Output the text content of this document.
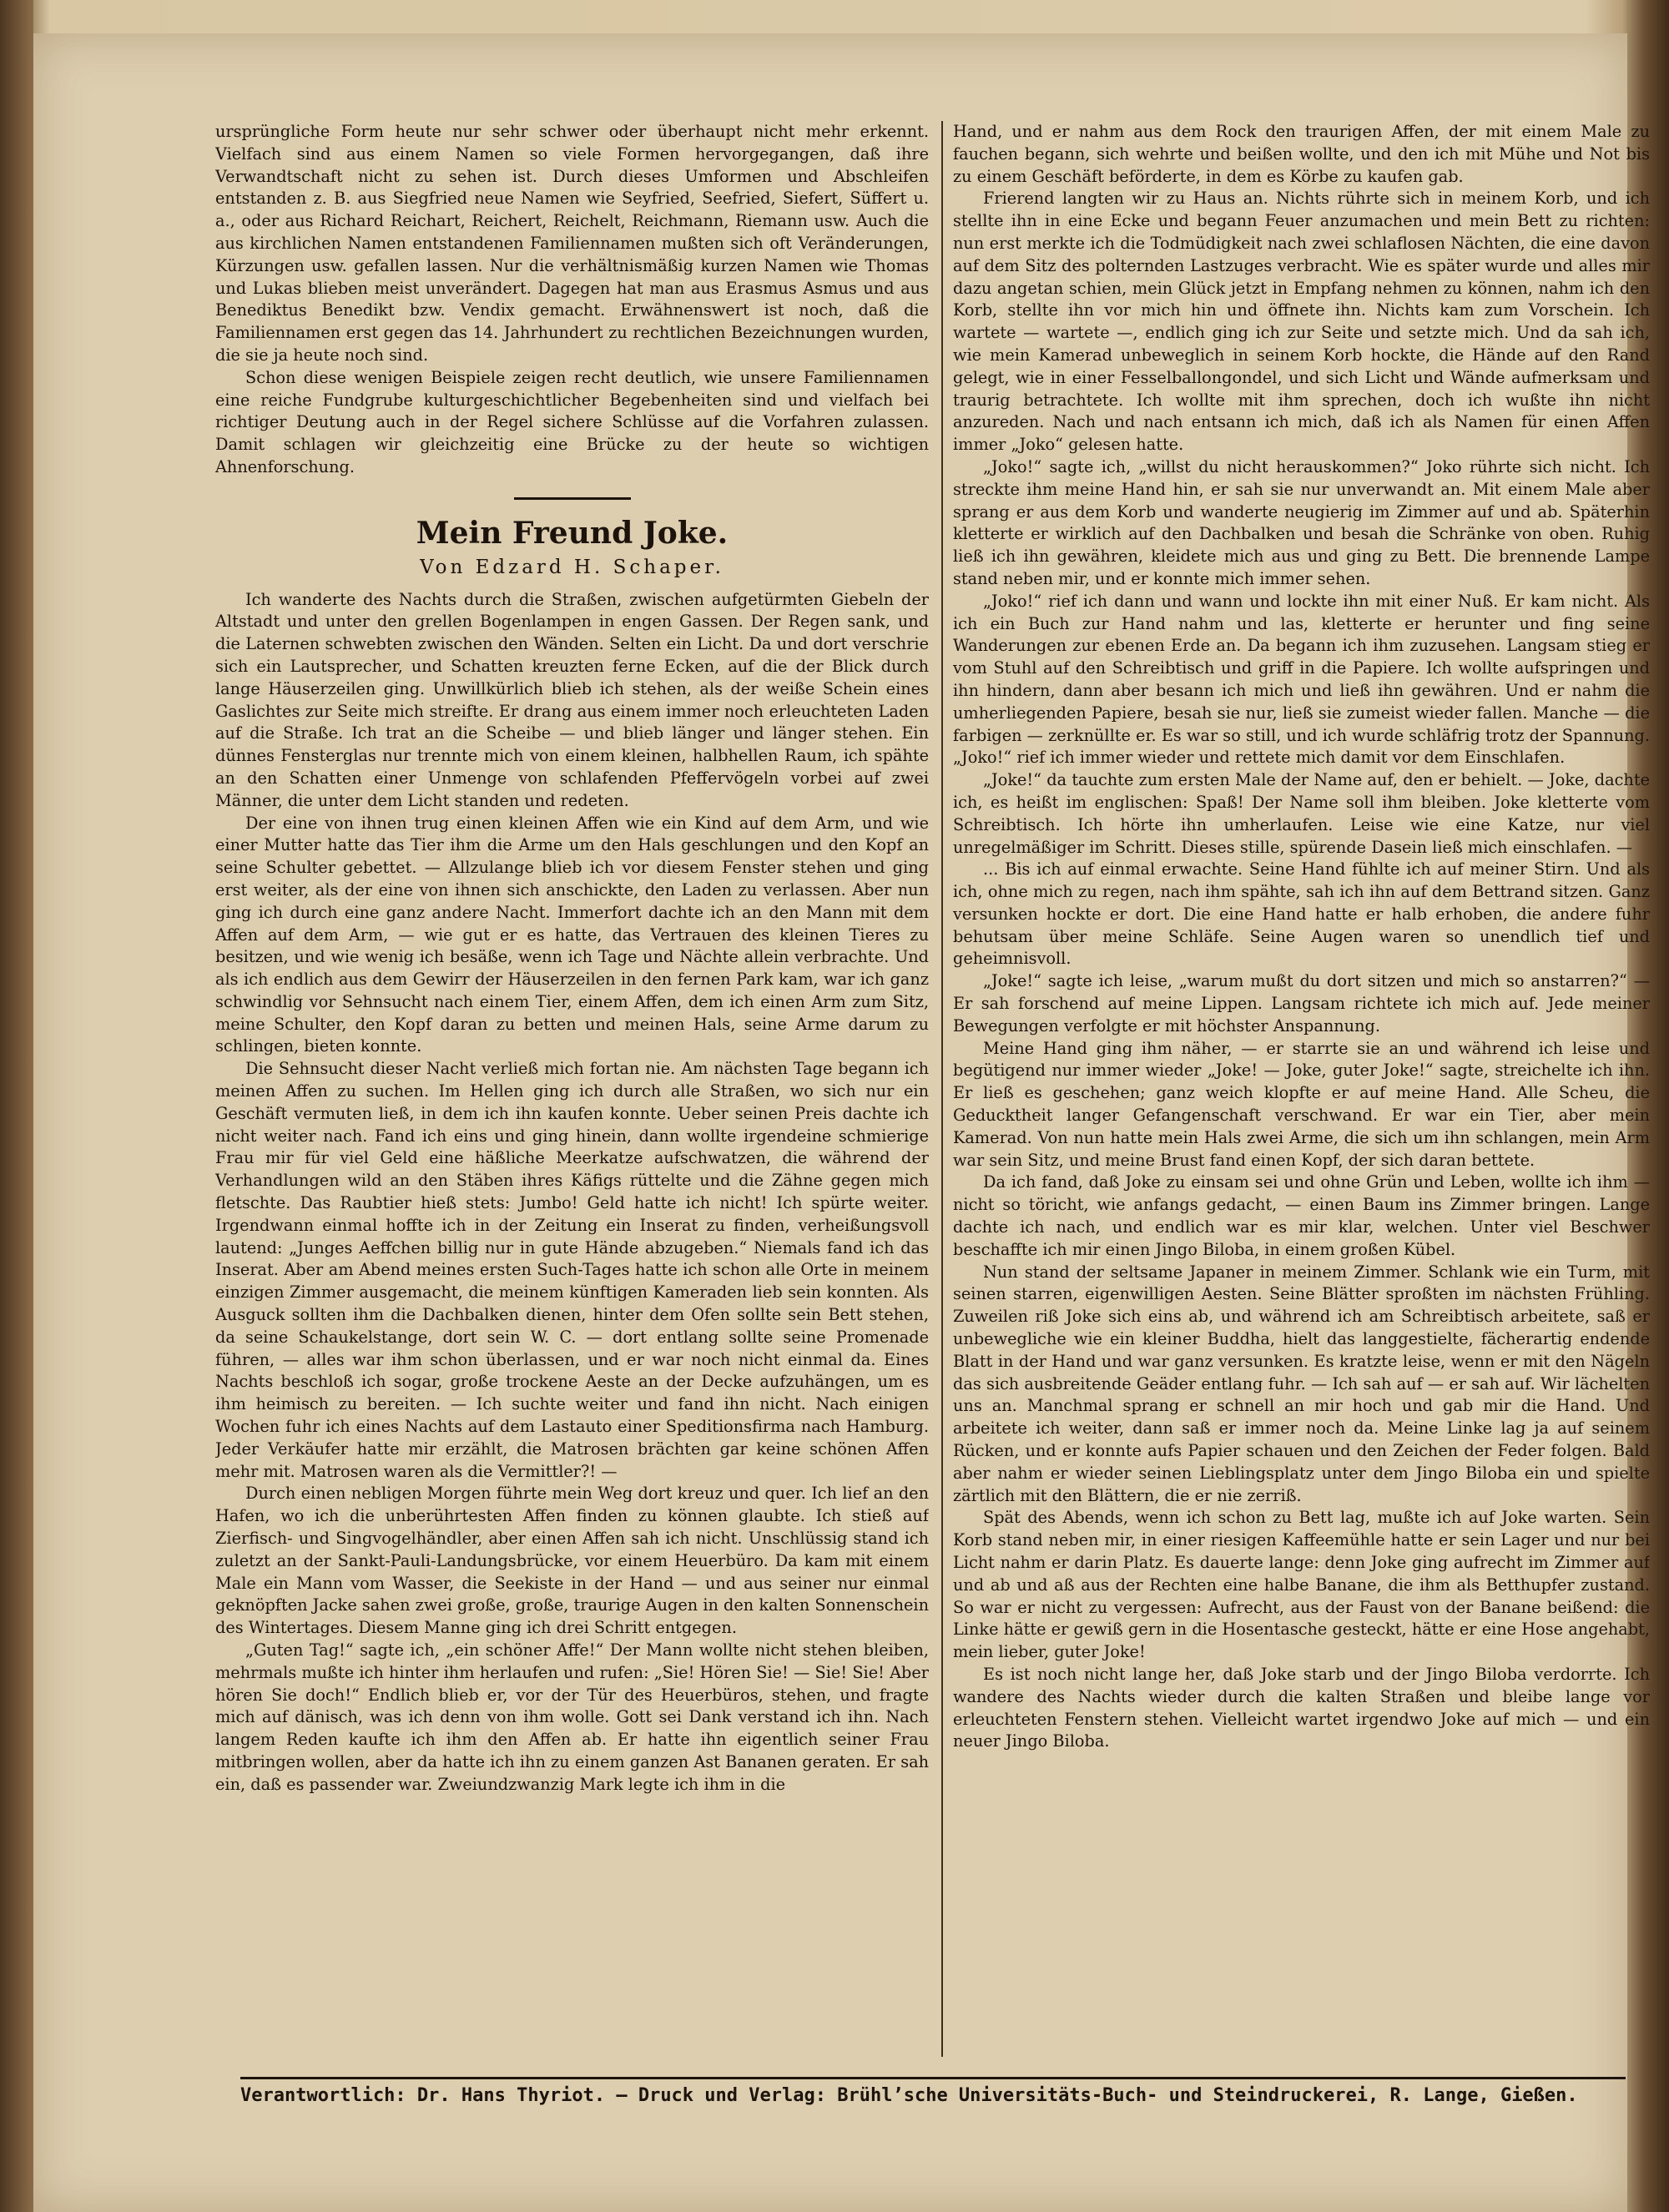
ursprüngliche Form heute nur sehr schwer oder überhaupt nicht mehr erkennt. Vielfach sind aus einem Namen so viele Formen hervorgegangen, daß ihre Verwandtschaft nicht zu sehen ist. Durch dieses Umformen und Abschleifen entstanden z. B. aus Siegfried neue Namen wie Seyfried, Seefried, Siefert, Süffert u. a., oder aus Richard Reichart, Reichert, Reichelt, Reichmann, Riemann usw. Auch die aus kirchlichen Namen entstandenen Familiennamen mußten sich oft Veränderungen, Kürzungen usw. gefallen lassen. Nur die verhältnismäßig kurzen Namen wie Thomas und Lukas blieben meist unverändert. Dagegen hat man aus Erasmus Asmus und aus Benediktus Benedikt bzw. Vendix gemacht. Erwähnenswert ist noch, daß die Familiennamen erst gegen das 14. Jahrhundert zu rechtlichen Bezeichnungen wurden, die sie ja heute noch sind.

Schon diese wenigen Beispiele zeigen recht deutlich, wie unsere Familiennamen eine reiche Fundgrube kulturgeschichtlicher Begebenheiten sind und vielfach bei richtiger Deutung auch in der Regel sichere Schlüsse auf die Vorfahren zulassen. Damit schlagen wir gleichzeitig eine Brücke zu der heute so wichtigen Ahnenforschung.

Mein Freund Joke.

Von Edzard H. Schaper.

Ich wanderte des Nachts durch die Straßen, zwischen aufgetürmten Giebeln der Altstadt und unter den grellen Bogenlampen in engen Gassen. Der Regen sank, und die Laternen schwebten zwischen den Wänden. Selten ein Licht. Da und dort verschrie sich ein Lautsprecher, und Schatten kreuzten ferne Ecken, auf die der Blick durch lange Häuserzeilen ging. Unwillkürlich blieb ich stehen, als der weiße Schein eines Gaslichtes zur Seite mich streifte. Er drang aus einem immer noch erleuchteten Laden auf die Straße. Ich trat an die Scheibe — und blieb länger und länger stehen. Ein dünnes Fensterglas nur trennte mich von einem kleinen, halbhellen Raum, ich spähte an den Schatten einer Unmenge von schlafenden Pfeffervögeln vorbei auf zwei Männer, die unter dem Licht standen und redeten.

Der eine von ihnen trug einen kleinen Affen wie ein Kind auf dem Arm, und wie einer Mutter hatte das Tier ihm die Arme um den Hals geschlungen und den Kopf an seine Schulter gebettet. — Allzulange blieb ich vor diesem Fenster stehen und ging erst weiter, als der eine von ihnen sich anschickte, den Laden zu verlassen. Aber nun ging ich durch eine ganz andere Nacht. Immerfort dachte ich an den Mann mit dem Affen auf dem Arm, — wie gut er es hatte, das Vertrauen des kleinen Tieres zu besitzen, und wie wenig ich besäße, wenn ich Tage und Nächte allein verbrachte. Und als ich endlich aus dem Gewirr der Häuserzeilen in den fernen Park kam, war ich ganz schwindlig vor Sehnsucht nach einem Tier, einem Affen, dem ich einen Arm zum Sitz, meine Schulter, den Kopf daran zu betten und meinen Hals, seine Arme darum zu schlingen, bieten konnte.

Die Sehnsucht dieser Nacht verließ mich fortan nie. Am nächsten Tage begann ich meinen Affen zu suchen. Im Hellen ging ich durch alle Straßen, wo sich nur ein Geschäft vermuten ließ, in dem ich ihn kaufen konnte. Ueber seinen Preis dachte ich nicht weiter nach. Fand ich eins und ging hinein, dann wollte irgendeine schmierige Frau mir für viel Geld eine häßliche Meerkatze aufschwatzen, die während der Verhandlungen wild an den Stäben ihres Käfigs rüttelte und die Zähne gegen mich fletschte. Das Raubtier hieß stets: Jumbo! Geld hatte ich nicht! Ich spürte weiter. Irgendwann einmal hoffte ich in der Zeitung ein Inserat zu finden, verheißungsvoll lautend: „Junges Aeffchen billig nur in gute Hände abzugeben.“ Niemals fand ich das Inserat. Aber am Abend meines ersten Such-Tages hatte ich schon alle Orte in meinem einzigen Zimmer ausgemacht, die meinem künftigen Kameraden lieb sein konnten. Als Ausguck sollten ihm die Dachbalken dienen, hinter dem Ofen sollte sein Bett stehen, da seine Schaukelstange, dort sein W. C. — dort entlang sollte seine Promenade führen, — alles war ihm schon überlassen, und er war noch nicht einmal da. Eines Nachts beschloß ich sogar, große trockene Aeste an der Decke aufzuhängen, um es ihm heimisch zu bereiten. — Ich suchte weiter und fand ihn nicht. Nach einigen Wochen fuhr ich eines Nachts auf dem Lastauto einer Speditionsfirma nach Hamburg. Jeder Verkäufer hatte mir erzählt, die Matrosen brächten gar keine schönen Affen mehr mit. Matrosen waren als die Vermittler?! —

Durch einen nebligen Morgen führte mein Weg dort kreuz und quer. Ich lief an den Hafen, wo ich die unberührtesten Affen finden zu können glaubte. Ich stieß auf Zierfisch- und Singvogelhändler, aber einen Affen sah ich nicht. Unschlüssig stand ich zuletzt an der Sankt-Pauli-Landungsbrücke, vor einem Heuerbüro. Da kam mit einem Male ein Mann vom Wasser, die Seekiste in der Hand — und aus seiner nur einmal geknöpften Jacke sahen zwei große, große, traurige Augen in den kalten Sonnenschein des Wintertages. Diesem Manne ging ich drei Schritt entgegen.

„Guten Tag!“ sagte ich, „ein schöner Affe!“ Der Mann wollte nicht stehen bleiben, mehrmals mußte ich hinter ihm herlaufen und rufen: „Sie! Hören Sie! — Sie! Sie! Aber hören Sie doch!“ Endlich blieb er, vor der Tür des Heuerbüros, stehen, und fragte mich auf dänisch, was ich denn von ihm wolle. Gott sei Dank verstand ich ihn. Nach langem Reden kaufte ich ihm den Affen ab. Er hatte ihn eigentlich seiner Frau mitbringen wollen, aber da hatte ich ihn zu einem ganzen Ast Bananen geraten. Er sah ein, daß es passender war. Zweiundzwanzig Mark legte ich ihm in die

Hand, und er nahm aus dem Rock den traurigen Affen, der mit einem Male zu fauchen begann, sich wehrte und beißen wollte, und den ich mit Mühe und Not bis zu einem Geschäft beförderte, in dem es Körbe zu kaufen gab.

Frierend langten wir zu Haus an. Nichts rührte sich in meinem Korb, und ich stellte ihn in eine Ecke und begann Feuer anzumachen und mein Bett zu richten: nun erst merkte ich die Todmüdigkeit nach zwei schlaflosen Nächten, die eine davon auf dem Sitz des polternden Lastzuges verbracht. Wie es später wurde und alles mir dazu angetan schien, mein Glück jetzt in Empfang nehmen zu können, nahm ich den Korb, stellte ihn vor mich hin und öffnete ihn. Nichts kam zum Vorschein. Ich wartete — wartete —, endlich ging ich zur Seite und setzte mich. Und da sah ich, wie mein Kamerad unbeweglich in seinem Korb hockte, die Hände auf den Rand gelegt, wie in einer Fesselballongondel, und sich Licht und Wände aufmerksam und traurig betrachtete. Ich wollte mit ihm sprechen, doch ich wußte ihn nicht anzureden. Nach und nach entsann ich mich, daß ich als Namen für einen Affen immer „Joko“ gelesen hatte.

„Joko!“ sagte ich, „willst du nicht herauskommen?“ Joko rührte sich nicht. Ich streckte ihm meine Hand hin, er sah sie nur unverwandt an. Mit einem Male aber sprang er aus dem Korb und wanderte neugierig im Zimmer auf und ab. Späterhin kletterte er wirklich auf den Dachbalken und besah die Schränke von oben. Ruhig ließ ich ihn gewähren, kleidete mich aus und ging zu Bett. Die brennende Lampe stand neben mir, und er konnte mich immer sehen.

„Joko!“ rief ich dann und wann und lockte ihn mit einer Nuß. Er kam nicht. Als ich ein Buch zur Hand nahm und las, kletterte er herunter und fing seine Wanderungen zur ebenen Erde an. Da begann ich ihm zuzusehen. Langsam stieg er vom Stuhl auf den Schreibtisch und griff in die Papiere. Ich wollte aufspringen und ihn hindern, dann aber besann ich mich und ließ ihn gewähren. Und er nahm die umherliegenden Papiere, besah sie nur, ließ sie zumeist wieder fallen. Manche — die farbigen — zerknüllte er. Es war so still, und ich wurde schläfrig trotz der Spannung. „Joko!“ rief ich immer wieder und rettete mich damit vor dem Einschlafen.

„Joke!“ da tauchte zum ersten Male der Name auf, den er behielt. — Joke, dachte ich, es heißt im englischen: Spaß! Der Name soll ihm bleiben. Joke kletterte vom Schreibtisch. Ich hörte ihn umherlaufen. Leise wie eine Katze, nur viel unregelmäßiger im Schritt. Dieses stille, spürende Dasein ließ mich einschlafen. —

... Bis ich auf einmal erwachte. Seine Hand fühlte ich auf meiner Stirn. Und als ich, ohne mich zu regen, nach ihm spähte, sah ich ihn auf dem Bettrand sitzen. Ganz versunken hockte er dort. Die eine Hand hatte er halb erhoben, die andere fuhr behutsam über meine Schläfe. Seine Augen waren so unendlich tief und geheimnisvoll.

„Joke!“ sagte ich leise, „warum mußt du dort sitzen und mich so anstarren?“ — Er sah forschend auf meine Lippen. Langsam richtete ich mich auf. Jede meiner Bewegungen verfolgte er mit höchster Anspannung.

Meine Hand ging ihm näher, — er starrte sie an und während ich leise und begütigend nur immer wieder „Joke! — Joke, guter Joke!“ sagte, streichelte ich ihn. Er ließ es geschehen; ganz weich klopfte er auf meine Hand. Alle Scheu, die Geducktheit langer Gefangenschaft verschwand. Er war ein Tier, aber mein Kamerad. Von nun hatte mein Hals zwei Arme, die sich um ihn schlangen, mein Arm war sein Sitz, und meine Brust fand einen Kopf, der sich daran bettete.

Da ich fand, daß Joke zu einsam sei und ohne Grün und Leben, wollte ich ihm — nicht so töricht, wie anfangs gedacht, — einen Baum ins Zimmer bringen. Lange dachte ich nach, und endlich war es mir klar, welchen. Unter viel Beschwer beschaffte ich mir einen Jingo Biloba, in einem großen Kübel.

Nun stand der seltsame Japaner in meinem Zimmer. Schlank wie ein Turm, mit seinen starren, eigenwilligen Aesten. Seine Blätter sproßten im nächsten Frühling. Zuweilen riß Joke sich eins ab, und während ich am Schreibtisch arbeitete, saß er unbewegliche wie ein kleiner Buddha, hielt das langgestielte, fächerartig endende Blatt in der Hand und war ganz versunken. Es kratzte leise, wenn er mit den Nägeln das sich ausbreitende Geäder entlang fuhr. — Ich sah auf — er sah auf. Wir lächelten uns an. Manchmal sprang er schnell an mir hoch und gab mir die Hand. Und arbeitete ich weiter, dann saß er immer noch da. Meine Linke lag ja auf seinem Rücken, und er konnte aufs Papier schauen und den Zeichen der Feder folgen. Bald aber nahm er wieder seinen Lieblingsplatz unter dem Jingo Biloba ein und spielte zärtlich mit den Blättern, die er nie zerriß.

Spät des Abends, wenn ich schon zu Bett lag, mußte ich auf Joke warten. Sein Korb stand neben mir, in einer riesigen Kaffeemühle hatte er sein Lager und nur bei Licht nahm er darin Platz. Es dauerte lange: denn Joke ging aufrecht im Zimmer auf und ab und aß aus der Rechten eine halbe Banane, die ihm als Betthupfer zustand. So war er nicht zu vergessen: Aufrecht, aus der Faust von der Banane beißend: die Linke hätte er gewiß gern in die Hosentasche gesteckt, hätte er eine Hose angehabt, mein lieber, guter Joke!

Es ist noch nicht lange her, daß Joke starb und der Jingo Biloba verdorrte. Ich wandere des Nachts wieder durch die kalten Straßen und bleibe lange vor erleuchteten Fenstern stehen. Vielleicht wartet irgendwo Joke auf mich — und ein neuer Jingo Biloba.

Verantwortlich: Dr. Hans Thyriot. — Druck und Verlag: Brühl’sche Universitäts-Buch- und Steindruckerei, R. Lange, Gießen.
